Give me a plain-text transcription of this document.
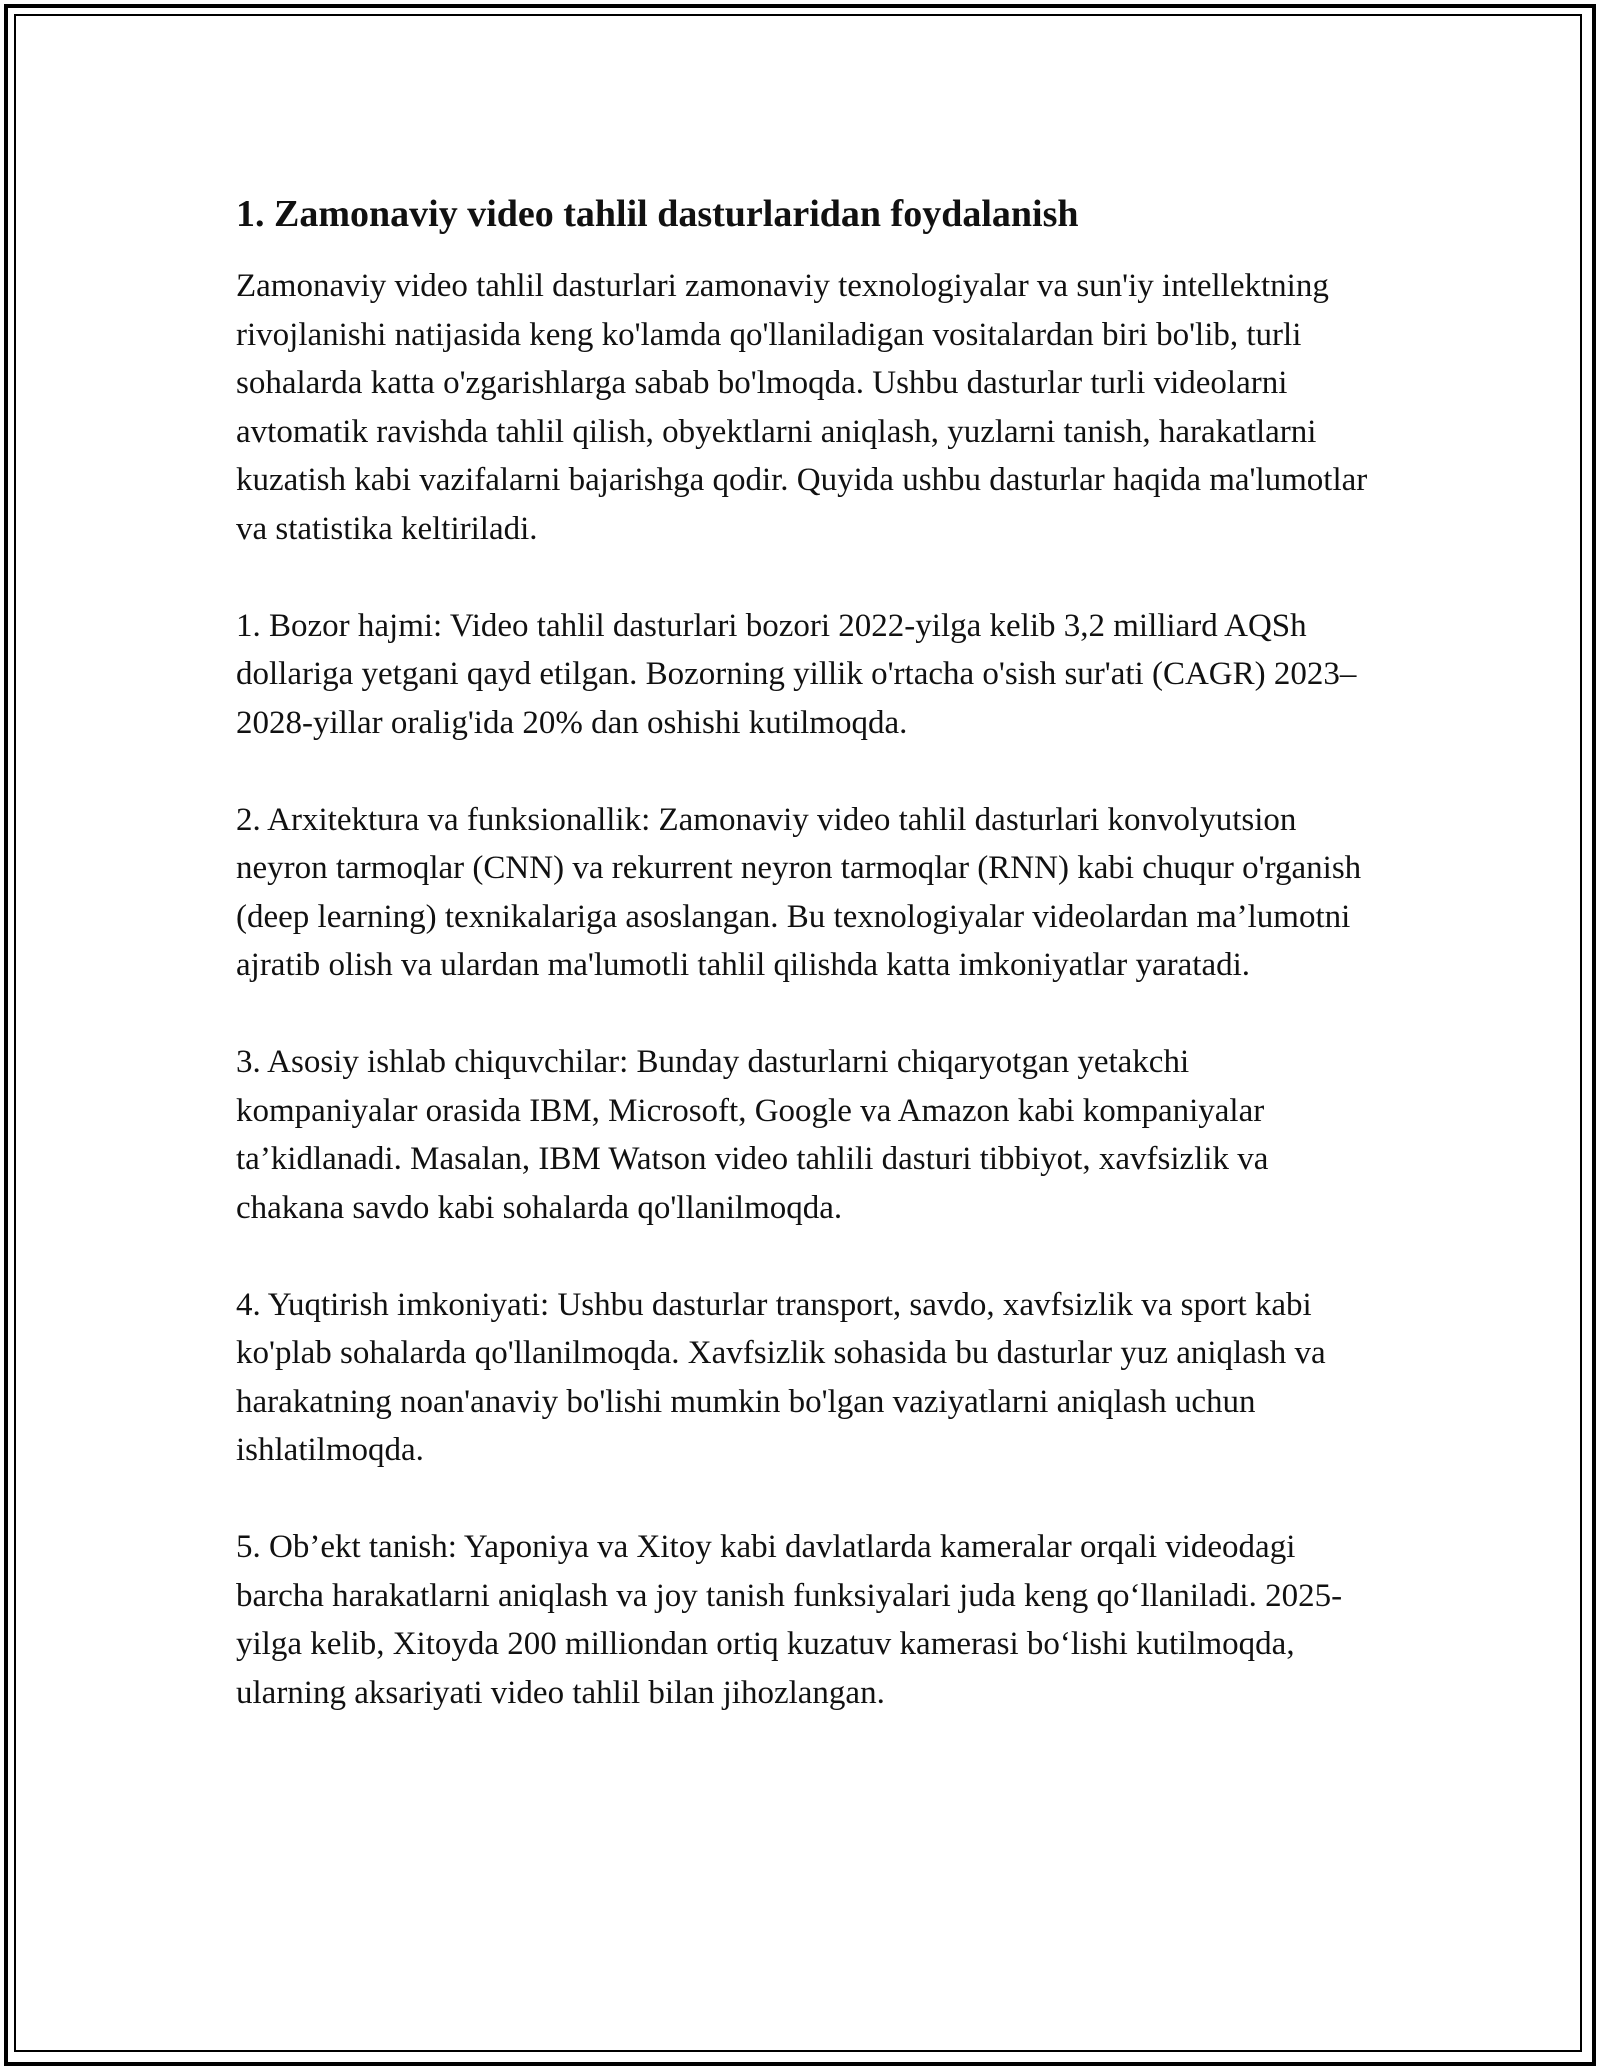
1. Zamonaviy video tahlil dasturlaridan foydalanish

Zamonaviy video tahlil dasturlari zamonaviy texnologiyalar va sun'iy intellektning rivojlanishi natijasida keng ko'lamda qo'llaniladigan vositalardan biri bo'lib, turli sohalarda katta o'zgarishlarga sabab bo'lmoqda. Ushbu dasturlar turli videolarni avtomatik ravishda tahlil qilish, obyektlarni aniqlash, yuzlarni tanish, harakatlarni kuzatish kabi vazifalarni bajarishga qodir. Quyida ushbu dasturlar haqida ma'lumotlar va statistika keltiriladi.

1. Bozor hajmi: Video tahlil dasturlari bozori 2022-yilga kelib 3,2 milliard AQSh dollariga yetgani qayd etilgan. Bozorning yillik o'rtacha o'sish sur'ati (CAGR) 2023–2028-yillar oralig'ida 20% dan oshishi kutilmoqda.

2. Arxitektura va funksionallik: Zamonaviy video tahlil dasturlari konvolyutsion neyron tarmoqlar (CNN) va rekurrent neyron tarmoqlar (RNN) kabi chuqur o'rganish (deep learning) texnikalariga asoslangan. Bu texnologiyalar videolardan ma’lumotni ajratib olish va ulardan ma'lumotli tahlil qilishda katta imkoniyatlar yaratadi.

3. Asosiy ishlab chiquvchilar: Bunday dasturlarni chiqaryotgan yetakchi kompaniyalar orasida IBM, Microsoft, Google va Amazon kabi kompaniyalar ta’kidlanadi. Masalan, IBM Watson video tahlili dasturi tibbiyot, xavfsizlik va chakana savdo kabi sohalarda qo'llanilmoqda.

4. Yuqtirish imkoniyati: Ushbu dasturlar transport, savdo, xavfsizlik va sport kabi ko'plab sohalarda qo'llanilmoqda. Xavfsizlik sohasida bu dasturlar yuz aniqlash va harakatning noan'anaviy bo'lishi mumkin bo'lgan vaziyatlarni aniqlash uchun ishlatilmoqda.

5. Ob’ekt tanish: Yaponiya va Xitoy kabi davlatlarda kameralar orqali videodagi barcha harakatlarni aniqlash va joy tanish funksiyalari juda keng qo‘llaniladi. 2025-yilga kelib, Xitoyda 200 milliondan ortiq kuzatuv kamerasi bo‘lishi kutilmoqda, ularning aksariyati video tahlil bilan jihozlangan.
